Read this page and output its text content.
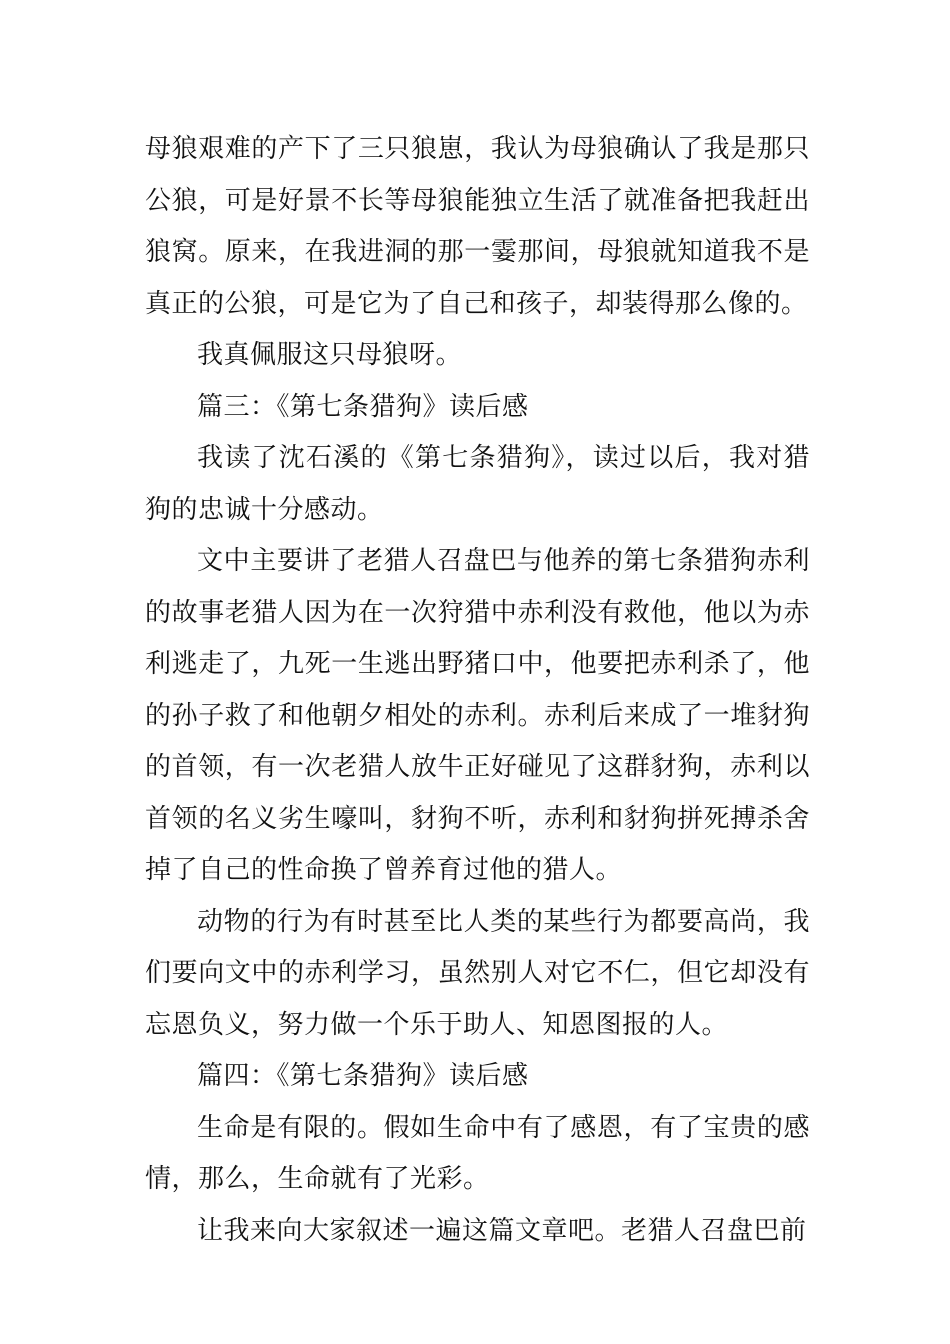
母狼艰难的产下了三只狼崽，我认为母狼确认了我是那只公狼，可是好景不长等母狼能独立生活了就准备把我赶出狼窝。原来，在我进洞的那一霎那间，母狼就知道我不是真正的公狼，可是它为了自己和孩子，却装得那么像的。

我真佩服这只母狼呀。

篇三：《第七条猎狗》读后感

我读了沈石溪的《第七条猎狗》，读过以后，我对猎狗的忠诚十分感动。

文中主要讲了老猎人召盘巴与他养的第七条猎狗赤利的故事老猎人因为在一次狩猎中赤利没有救他，他以为赤利逃走了，九死一生逃出野猪口中，他要把赤利杀了，他的孙子救了和他朝夕相处的赤利。赤利后来成了一堆豺狗的首领，有一次老猎人放牛正好碰见了这群豺狗，赤利以首领的名义劣生嚎叫，豺狗不听，赤利和豺狗拼死搏杀舍掉了自己的性命换了曾养育过他的猎人。

动物的行为有时甚至比人类的某些行为都要高尚，我们要向文中的赤利学习，虽然别人对它不仁，但它却没有忘恩负义，努力做一个乐于助人、知恩图报的人。

篇四：《第七条猎狗》读后感

生命是有限的。假如生命中有了感恩，有了宝贵的感情，那么，生命就有了光彩。

让我来向大家叙述一遍这篇文章吧。老猎人召盘巴前
